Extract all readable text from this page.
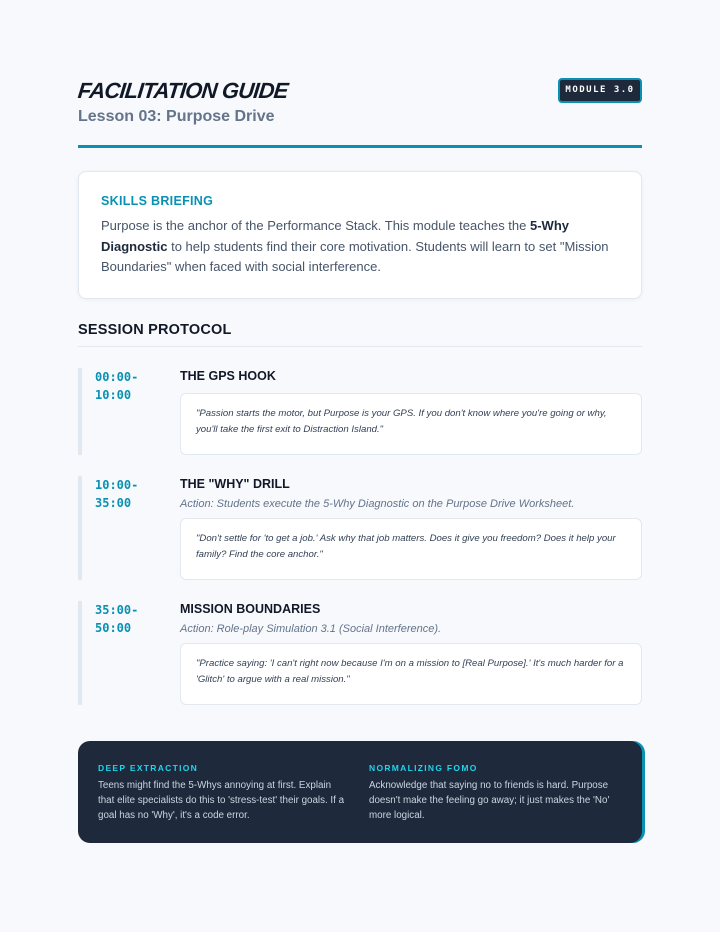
FACILITATION GUIDE
Lesson 03: Purpose Drive
MODULE 3.0
SKILLS BRIEFING
Purpose is the anchor of the Performance Stack. This module teaches the 5-Why Diagnostic to help students find their core motivation. Students will learn to set "Mission Boundaries" when faced with social interference.
SESSION PROTOCOL
00:00-
10:00
THE GPS HOOK
"Passion starts the motor, but Purpose is your GPS. If you don't know where you're going or why, you'll take the first exit to Distraction Island."
10:00-
35:00
THE "WHY" DRILL
Action: Students execute the 5-Why Diagnostic on the Purpose Drive Worksheet.
"Don't settle for 'to get a job.' Ask why that job matters. Does it give you freedom? Does it help your family? Find the core anchor."
35:00-
50:00
MISSION BOUNDARIES
Action: Role-play Simulation 3.1 (Social Interference).
"Practice saying: 'I can't right now because I'm on a mission to [Real Purpose].' It's much harder for a 'Glitch' to argue with a real mission."
DEEP EXTRACTION
Teens might find the 5-Whys annoying at first. Explain that elite specialists do this to 'stress-test' their goals. If a goal has no 'Why', it's a code error.
NORMALIZING FOMO
Acknowledge that saying no to friends is hard. Purpose doesn't make the feeling go away; it just makes the 'No' more logical.
